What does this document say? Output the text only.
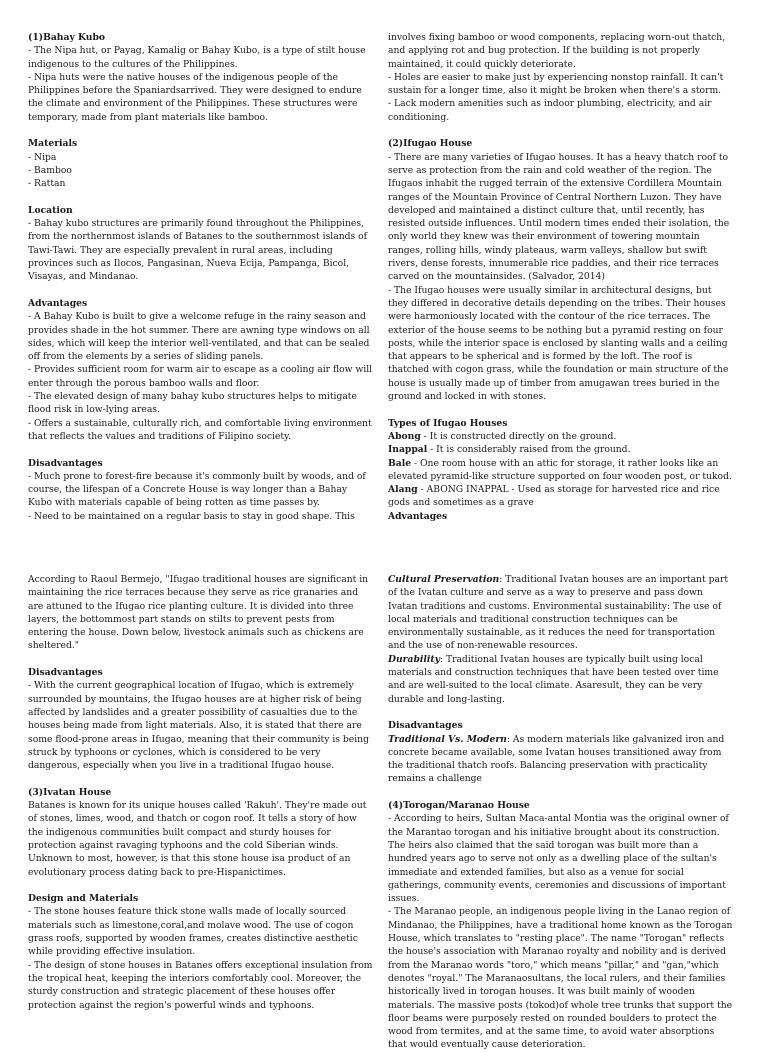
(1)Bahay Kubo
- The Nipa hut, or Payag, Kamalig or Bahay Kubo, is a type of stilt house indigenous to the cultures of the Philippines.
- Nipa huts were the native houses of the indigenous people of the Philippines before the Spaniardsarrived. They were designed to endure the climate and environment of the Philippines. These structures were temporary, made from plant materials like bamboo.
Materials
- Nipa
- Bamboo
- Rattan
Location
- Bahay kubo structures are primarily found throughout the Philippines, from the northernmost islands of Batanes to the southernmost islands of Tawi-Tawi. They are especially prevalent in rural areas, including provinces such as Ilocos, Pangasinan, Nueva Ecija, Pampanga, Bicol, Visayas, and Mindanao.
Advantages
- A Bahay Kubo is built to give a welcome refuge in the rainy season and provides shade in the hot summer. There are awning type windows on all sides, which will keep the interior well-ventilated, and that can be sealed off from the elements by a series of sliding panels.
- Provides sufficient room for warm air to escape as a cooling air flow will enter through the porous bamboo walls and floor.
- The elevated design of many bahay kubo structures helps to mitigate flood risk in low-lying areas.
- Offers a sustainable, culturally rich, and comfortable living environment that reflects the values and traditions of Filipino society.
Disadvantages
- Much prone to forest-fire because it's commonly built by woods, and of course, the lifespan of a Concrete House is way longer than a Bahay Kubo with materials capable of being rotten as time passes by.
- Need to be maintained on a regular basis to stay in good shape. This
involves fixing bamboo or wood components, replacing worn-out thatch, and applying rot and bug protection. If the building is not properly maintained, it could quickly deteriorate.
- Holes are easier to make just by experiencing nonstop rainfall. It can't sustain for a longer time, also it might be broken when there's a storm.
- Lack modern amenities such as indoor plumbing, electricity, and air conditioning.
(2)Ifugao House
- There are many varieties of Ifugao houses. It has a heavy thatch roof to serve as protection from the rain and cold weather of the region. The Ifugaos inhabit the rugged terrain of the extensive Cordillera Mountain ranges of the Mountain Province of Central Northern Luzon. They have developed and maintained a distinct culture that, until recently, has resisted outside influences. Until modern times ended their isolation, the only world they knew was their environment of towering mountain ranges, rolling hills, windy plateaus, warm valleys, shallow but swift rivers, dense forests, innumerable rice paddies, and their rice terraces carved on the mountainsides. (Salvador, 2014)
- The Ifugao houses were usually similar in architectural designs, but they differed in decorative details depending on the tribes. Their houses were harmoniously located with the contour of the rice terraces. The exterior of the house seems to be nothing but a pyramid resting on four posts, while the interior space is enclosed by slanting walls and a ceiling that appears to be spherical and is formed by the loft. The roof is thatched with cogon grass, while the foundation or main structure of the house is usually made up of timber from amugawan trees buried in the ground and locked in with stones.
Types of Ifugao Houses
Abong - It is constructed directly on the ground.
Inappal - It is considerably raised from the ground.
Bale - One room house with an attic for storage, it rather looks like an elevated pyramid-like structure supported on four wooden post, or tukod.
Alang - ABONG INAPPAL - Used as storage for harvested rice and rice gods and sometimes as a grave
Advantages
According to Raoul Bermejo, "Ifugao traditional houses are significant in maintaining the rice terraces because they serve as rice granaries and are attuned to the Ifugao rice planting culture. It is divided into three layers, the bottommost part stands on stilts to prevent pests from entering the house. Down below, livestock animals such as chickens are sheltered."
Disadvantages
- With the current geographical location of Ifugao, which is extremely surrounded by mountains, the Ifugao houses are at higher risk of being affected by landslides and a greater possibility of casualties due to the houses being made from light materials. Also, it is stated that there are some flood-prone areas in Ifugao, meaning that their community is being struck by typhoons or cyclones, which is considered to be very dangerous, especially when you live in a traditional Ifugao house.
(3)Ivatan House
Batanes is known for its unique houses called 'Rakuh'. They're made out of stones, limes, wood, and thatch or cogon roof. It tells a story of how the indigenous communities built compact and sturdy houses for protection against ravaging typhoons and the cold Siberian winds. Unknown to most, however, is that this stone house isa product of an evolutionary process dating back to pre-Hispanictimes.
Design and Materials
- The stone houses feature thick stone walls made of locally sourced materials such as limestone,coral,and molave wood. The use of cogon grass roofs, supported by wooden frames, creates distinctive aesthetic while providing effective insulation.
- The design of stone houses in Batanes offers exceptional insulation from the tropical heat, keeping the interiors comfortably cool. Moreover, the sturdy construction and strategic placement of these houses offer protection against the region's powerful winds and typhoons.
Cultural Preservation: Traditional Ivatan houses are an important part of the Ivatan culture and serve as a way to preserve and pass down Ivatan traditions and customs. Environmental sustainability: The use of local materials and traditional construction techniques can be environmentally sustainable, as it reduces the need for transportation and the use of non-renewable resources.
Durability: Traditional Ivatan houses are typically built using local materials and construction techniques that have been tested over time and are well-suited to the local climate. Asaresult, they can be very durable and long-lasting.
Disadvantages
Traditional Vs. Modern: As modern materials like galvanized iron and concrete became available, some Ivatan houses transitioned away from the traditional thatch roofs. Balancing preservation with practicality remains a challenge
(4)Torogan/Maranao House
- According to heirs, Sultan Maca-antal Montia was the original owner of the Marantao torogan and his initiative brought about its construction. The heirs also claimed that the said torogan was built more than a hundred years ago to serve not only as a dwelling place of the sultan's immediate and extended families, but also as a venue for social gatherings, community events, ceremonies and discussions of important issues.
- The Maranao people, an indigenous people living in the Lanao region of Mindanao, the Philippines, have a traditional home known as the Torogan House, which translates to "resting place". The name "Torogan" reflects the house's association with Maranao royalty and nobility and is derived from the Maranao words "toro," which means "pillar," and "gan,"which denotes "royal." The Maranaosultans, the local rulers, and their families historically lived in torogan houses. It was built mainly of wooden materials. The massive posts (tokod)of whole tree trunks that support the floor beams were purposely rested on rounded boulders to protect the wood from termites, and at the same time, to avoid water absorptions that would eventually cause deterioration.
